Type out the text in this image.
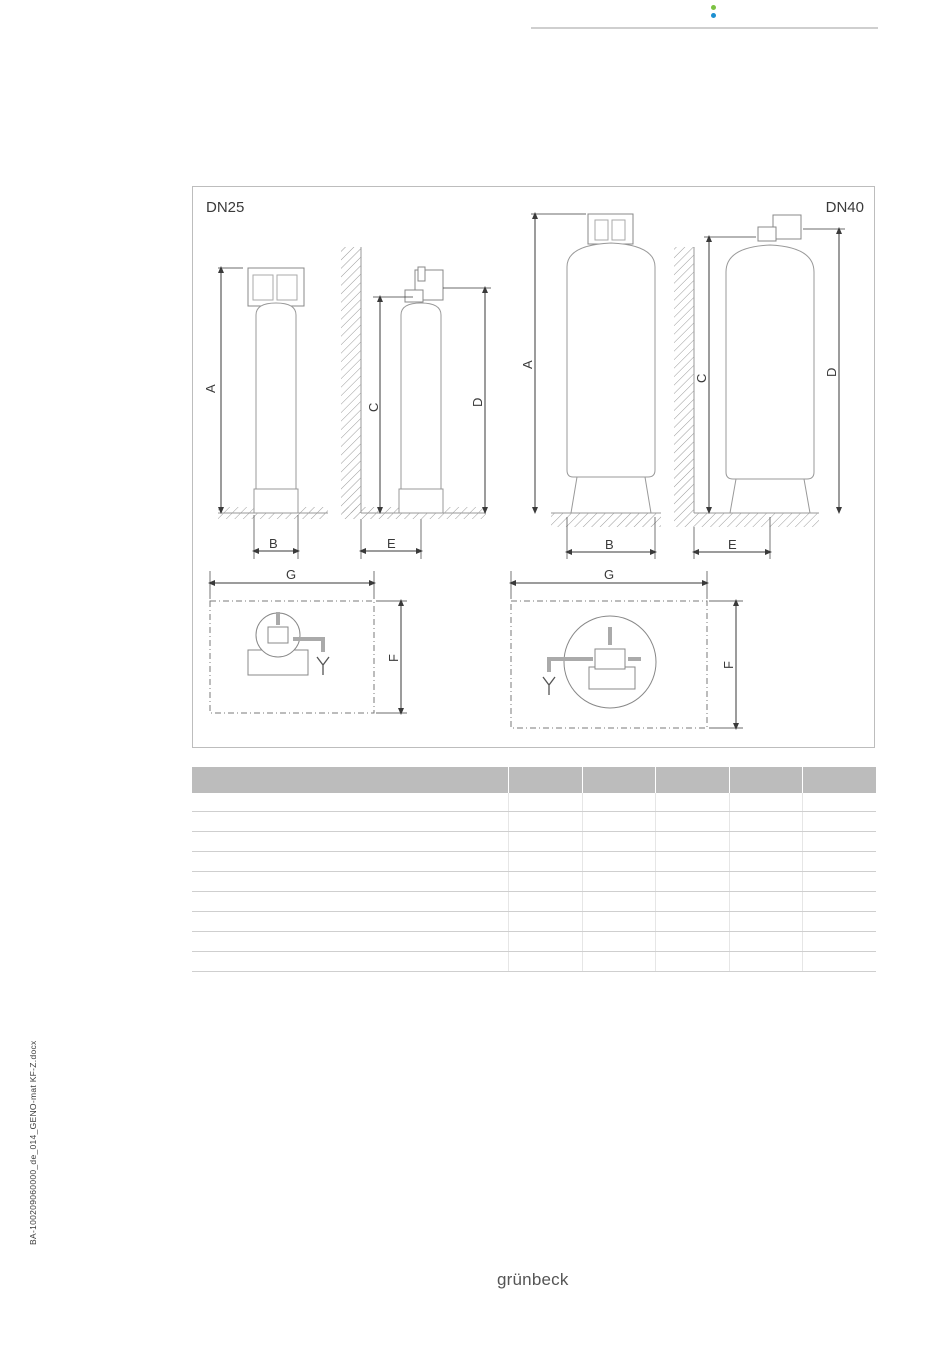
A
B
C
D
E
A
B
C
D
E
G
F
G
F
DN25	DN40
BA-100209060000_de_014_GENO-mat KF-Z.docx
grünbeck
